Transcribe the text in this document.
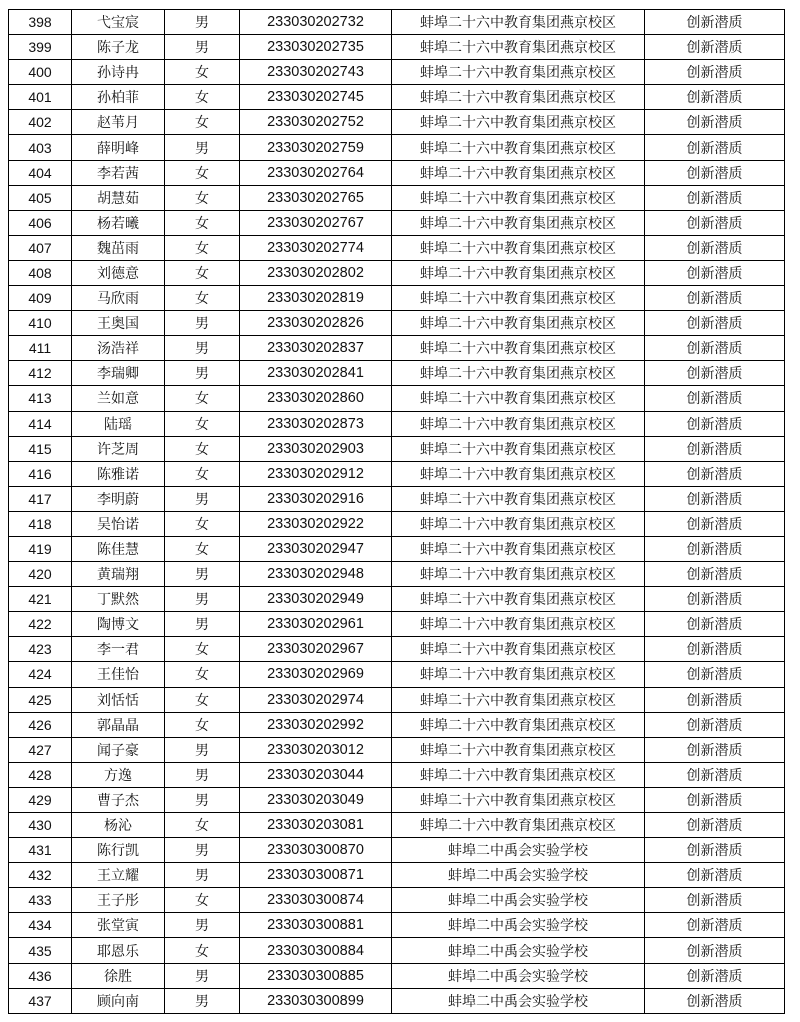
398	弋宝宸	男	233030202732	蚌埠二十六中教育集团燕京校区	创新潜质
399	陈子龙	男	233030202735	蚌埠二十六中教育集团燕京校区	创新潜质
400	孙诗冉	女	233030202743	蚌埠二十六中教育集团燕京校区	创新潜质
401	孙柏菲	女	233030202745	蚌埠二十六中教育集团燕京校区	创新潜质
402	赵苇月	女	233030202752	蚌埠二十六中教育集团燕京校区	创新潜质
403	薛明峰	男	233030202759	蚌埠二十六中教育集团燕京校区	创新潜质
404	李若茜	女	233030202764	蚌埠二十六中教育集团燕京校区	创新潜质
405	胡慧茹	女	233030202765	蚌埠二十六中教育集团燕京校区	创新潜质
406	杨若曦	女	233030202767	蚌埠二十六中教育集团燕京校区	创新潜质
407	魏茁雨	女	233030202774	蚌埠二十六中教育集团燕京校区	创新潜质
408	刘德意	女	233030202802	蚌埠二十六中教育集团燕京校区	创新潜质
409	马欣雨	女	233030202819	蚌埠二十六中教育集团燕京校区	创新潜质
410	王奥国	男	233030202826	蚌埠二十六中教育集团燕京校区	创新潜质
411	汤浩祥	男	233030202837	蚌埠二十六中教育集团燕京校区	创新潜质
412	李瑞卿	男	233030202841	蚌埠二十六中教育集团燕京校区	创新潜质
413	兰如意	女	233030202860	蚌埠二十六中教育集团燕京校区	创新潜质
414	陆瑶	女	233030202873	蚌埠二十六中教育集团燕京校区	创新潜质
415	许芝周	女	233030202903	蚌埠二十六中教育集团燕京校区	创新潜质
416	陈雅诺	女	233030202912	蚌埠二十六中教育集团燕京校区	创新潜质
417	李明蔚	男	233030202916	蚌埠二十六中教育集团燕京校区	创新潜质
418	吴怡诺	女	233030202922	蚌埠二十六中教育集团燕京校区	创新潜质
419	陈佳慧	女	233030202947	蚌埠二十六中教育集团燕京校区	创新潜质
420	黄瑞翔	男	233030202948	蚌埠二十六中教育集团燕京校区	创新潜质
421	丁默然	男	233030202949	蚌埠二十六中教育集团燕京校区	创新潜质
422	陶博文	男	233030202961	蚌埠二十六中教育集团燕京校区	创新潜质
423	李一君	女	233030202967	蚌埠二十六中教育集团燕京校区	创新潜质
424	王佳怡	女	233030202969	蚌埠二十六中教育集团燕京校区	创新潜质
425	刘恬恬	女	233030202974	蚌埠二十六中教育集团燕京校区	创新潜质
426	郭晶晶	女	233030202992	蚌埠二十六中教育集团燕京校区	创新潜质
427	闻子豪	男	233030203012	蚌埠二十六中教育集团燕京校区	创新潜质
428	方逸	男	233030203044	蚌埠二十六中教育集团燕京校区	创新潜质
429	曹子杰	男	233030203049	蚌埠二十六中教育集团燕京校区	创新潜质
430	杨沁	女	233030203081	蚌埠二十六中教育集团燕京校区	创新潜质
431	陈行凯	男	233030300870	蚌埠二中禹会实验学校	创新潜质
432	王立耀	男	233030300871	蚌埠二中禹会实验学校	创新潜质
433	王子彤	女	233030300874	蚌埠二中禹会实验学校	创新潜质
434	张堂寅	男	233030300881	蚌埠二中禹会实验学校	创新潜质
435	耶恩乐	女	233030300884	蚌埠二中禹会实验学校	创新潜质
436	徐胜	男	233030300885	蚌埠二中禹会实验学校	创新潜质
437	顾向南	男	233030300899	蚌埠二中禹会实验学校	创新潜质
